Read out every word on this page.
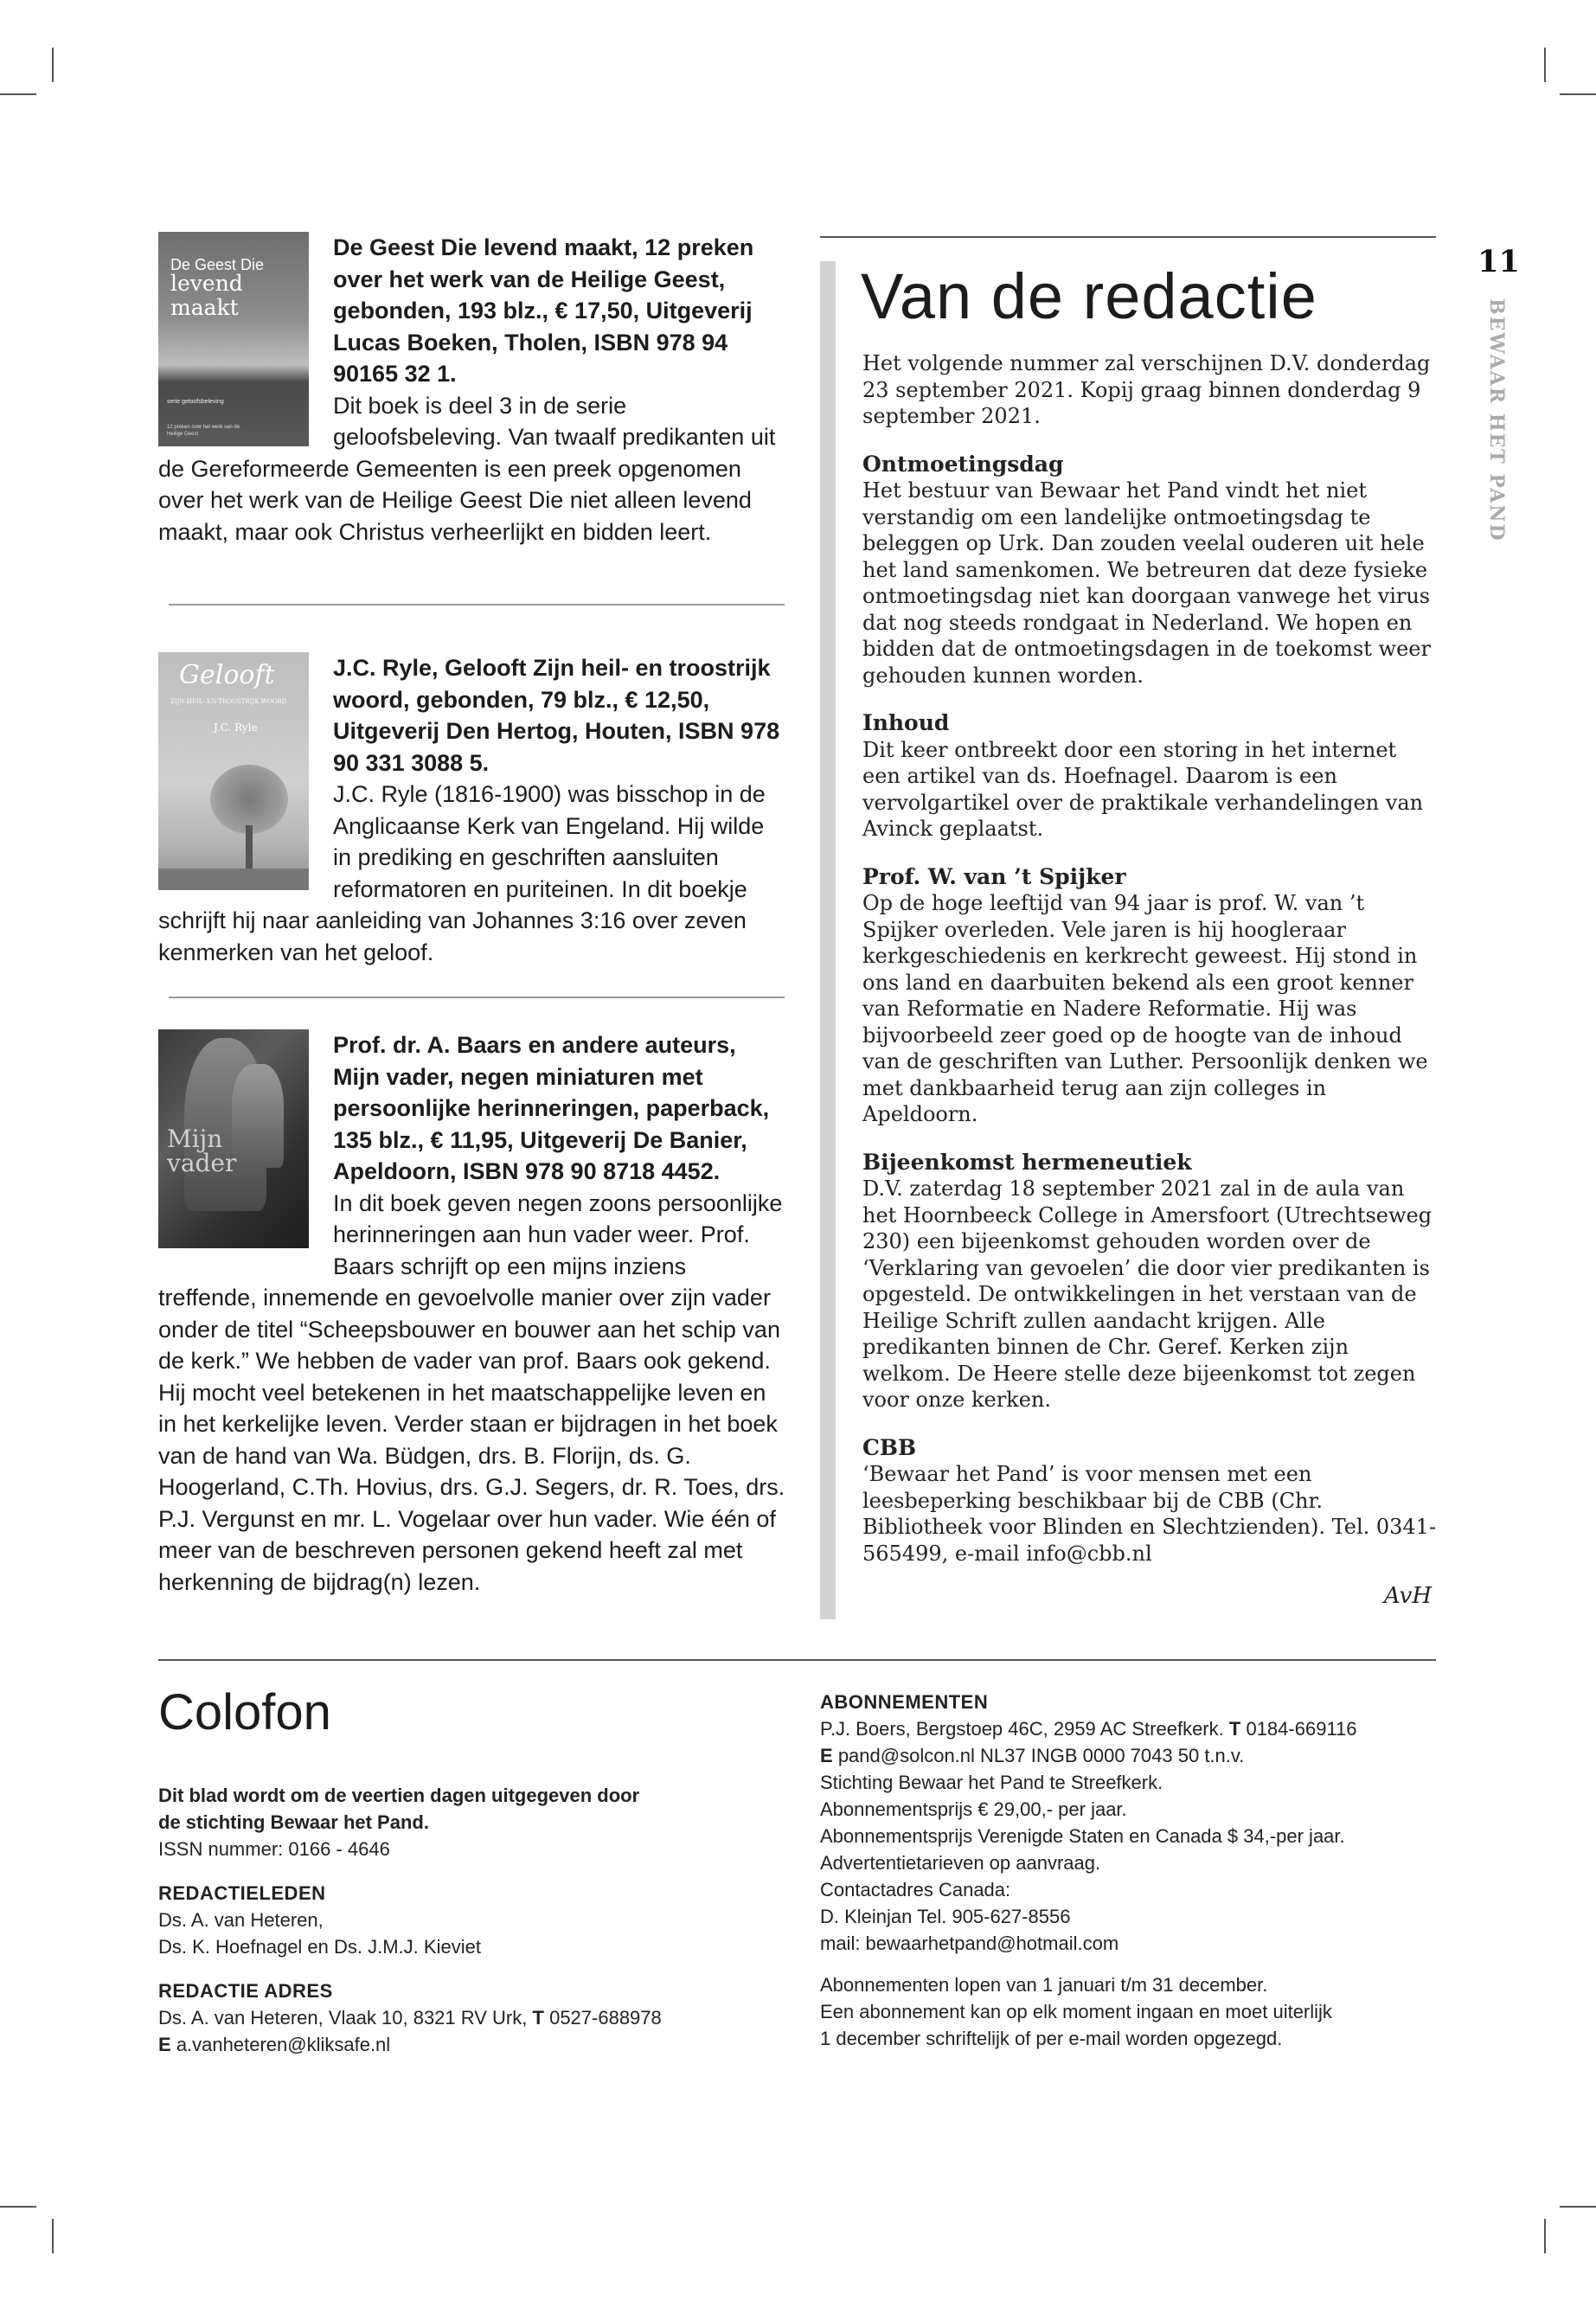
11
BEWAAR HET PAND
De Geest Die
levend maakt
serie geloofsbeleving
12 preken over het werk van de Heilige Geest
De Geest Die levend maakt, 12 preken over het werk van de Heilige Geest, gebonden, 193 blz., € 17,50, Uitgeverij Lucas Boeken, Tholen, ISBN 978 94 90165 32 1.
Dit boek is deel 3 in de serie geloofsbeleving. Van twaalf predikanten uit de Gereformeerde Gemeenten is een preek opgenomen over het werk van de Heilige Geest Die niet alleen levend maakt, maar ook Christus verheerlijkt en bidden leert.
Gelooft
ZIJN HEIL- EN TROOSTRIJK WOORD
J.C. Ryle
J.C. Ryle, Gelooft Zijn heil- en troostrijk woord, gebonden, 79 blz., € 12,50, Uitgeverij Den Hertog, Houten, ISBN 978 90 331 3088 5.
J.C. Ryle (1816-1900) was bisschop in de Anglicaanse Kerk van Engeland. Hij wilde in prediking en geschriften aansluiten reformatoren en puriteinen. In dit boekje schrijft hij naar aanleiding van Johannes 3:16 over zeven kenmerken van het geloof.
Mijn
vader
Prof. dr. A. Baars en andere auteurs, Mijn vader, negen miniaturen met persoonlijke herinneringen, paperback, 135 blz., € 11,95, Uitgeverij De Banier, Apeldoorn, ISBN 978 90 8718 4452.
In dit boek geven negen zoons persoonlijke herinneringen aan hun vader weer. Prof. Baars schrijft op een mijns inziens treffende, innemende en gevoelvolle manier over zijn vader onder de titel “Scheepsbouwer en bouwer aan het schip van de kerk.” We hebben de vader van prof. Baars ook gekend. Hij mocht veel betekenen in het maatschappelijke leven en in het kerkelijke leven. Verder staan er bijdragen in het boek van de hand van Wa. Büdgen, drs. B. Florijn, ds. G. Hoogerland, C.Th. Hovius, drs. G.J. Segers, dr. R. Toes, drs. P.J. Vergunst en mr. L. Vogelaar over hun vader. Wie één of meer van de beschreven personen gekend heeft zal met herkenning de bijdrag(n) lezen.
Van de redactie

Het volgende nummer zal verschijnen D.V. donderdag 23 september 2021. Kopij graag binnen donderdag 9 september 2021.

Ontmoetingsdag

Het bestuur van Bewaar het Pand vindt het niet verstandig om een landelijke ontmoetingsdag te beleggen op Urk. Dan zouden veelal ouderen uit hele het land samenkomen. We betreuren dat deze fysieke ontmoetingsdag niet kan doorgaan vanwege het virus dat nog steeds rondgaat in Nederland. We hopen en bidden dat de ontmoetingsdagen in de toekomst weer gehouden kunnen worden.

Inhoud

Dit keer ontbreekt door een storing in het internet een artikel van ds. Hoefnagel. Daarom is een vervolgartikel over de praktikale verhandelingen van Avinck geplaatst.

Prof. W. van ’t Spijker

Op de hoge leeftijd van 94 jaar is prof. W. van ’t Spijker overleden. Vele jaren is hij hoogleraar kerkgeschiedenis en kerkrecht geweest. Hij stond in ons land en daarbuiten bekend als een groot kenner van Reformatie en Nadere Reformatie. Hij was bijvoorbeeld zeer goed op de hoogte van de inhoud van de geschriften van Luther. Persoonlijk denken we met dankbaarheid terug aan zijn colleges in Apeldoorn.

Bijeenkomst hermeneutiek

D.V. zaterdag 18 september 2021 zal in de aula van het Hoornbeeck College in Amersfoort (Utrechtseweg 230) een bijeenkomst gehouden worden over de ‘Verklaring van gevoelen’ die door vier predikanten is opgesteld. De ontwikkelingen in het verstaan van de Heilige Schrift zullen aandacht krijgen. Alle predikanten binnen de Chr. Geref. Kerken zijn welkom. De Heere stelle deze bijeenkomst tot zegen voor onze kerken.

CBB

‘Bewaar het Pand’ is voor mensen met een leesbeperking beschikbaar bij de CBB (Chr. Bibliotheek voor Blinden en Slechtzienden). Tel. 0341- 565499, e-mail info@cbb.nl

AvH
Colofon

Dit blad wordt om de veertien dagen uitgegeven door

de stichting Bewaar het Pand.

ISSN nummer: 0166 - 4646

REDACTIELEDEN

Ds. A. van Heteren,

Ds. K. Hoefnagel en Ds. J.M.J. Kieviet

REDACTIE ADRES

Ds. A. van Heteren, Vlaak 10, 8321 RV Urk, T 0527-688978

E a.vanheteren@kliksafe.nl

ABONNEMENTEN

P.J. Boers, Bergstoep 46C, 2959 AC Streefkerk. T 0184-669116

E pand@solcon.nl NL37 INGB 0000 7043 50 t.n.v.

Stichting Bewaar het Pand te Streefkerk.

Abonnementsprijs € 29,00,- per jaar.

Abonnementsprijs Verenigde Staten en Canada $ 34,-per jaar.

Advertentietarieven op aanvraag.

Contactadres Canada:

D. Kleinjan Tel. 905-627-8556

mail: bewaarhetpand@hotmail.com

Abonnementen lopen van 1 januari t/m 31 december.

Een abonnement kan op elk moment ingaan en moet uiterlijk

1 december schriftelijk of per e-mail worden opgezegd.
